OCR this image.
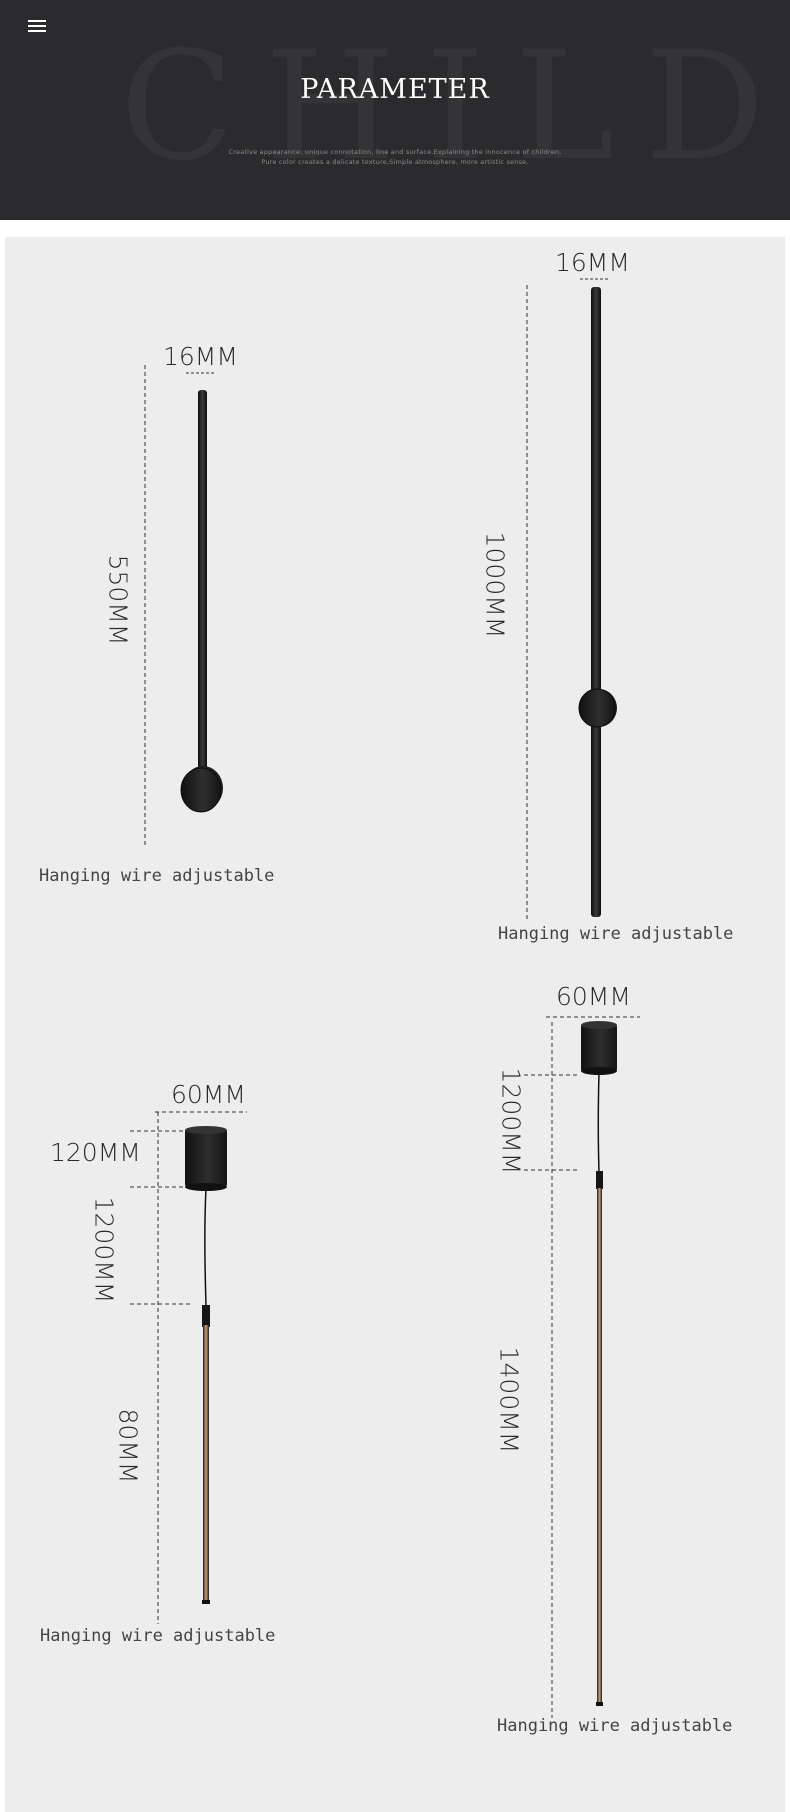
PARAMETER
Creative appearance, unique connotation, line and surface,Explaining the innocence of children,
Pure color creates a delicate texture,Simple atmosphere, more artistic sense.
16MM
550MM
Hanging wire adjustable
16MM
1000MM
Hanging wire adjustable
60MM
120MM
1200MM
80MM
Hanging wire adjustable
60MM
1200MM
1400MM
Hanging wire adjustable
